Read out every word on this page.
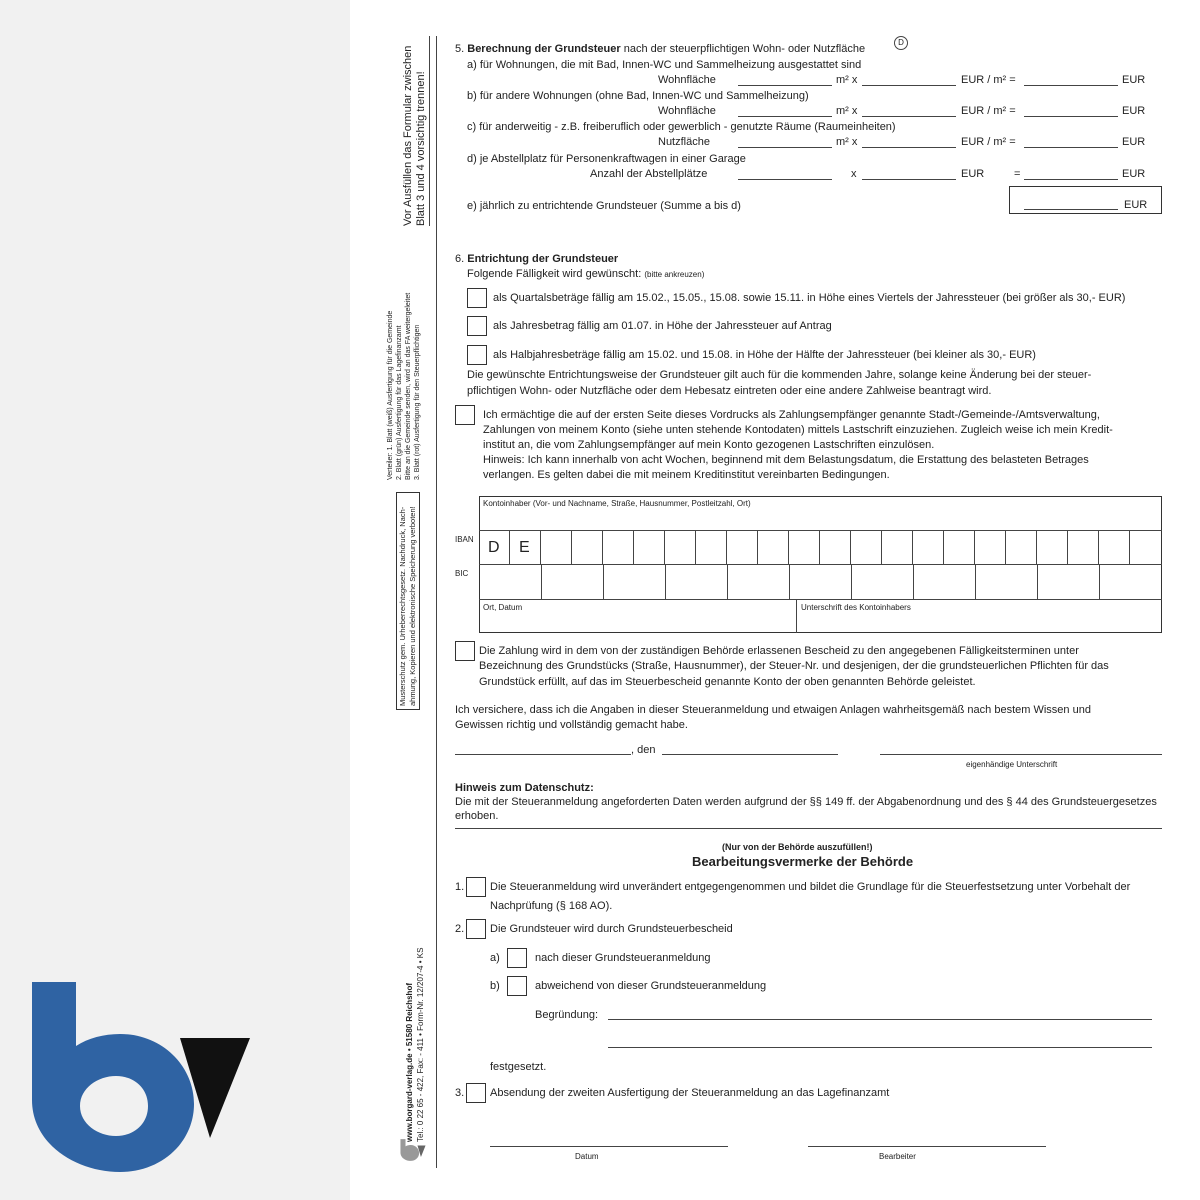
Vor Ausfüllen das Formular zwischen Blatt 3 und 4 vorsichtig trennen!
Verteiler: 1. Blatt (weiß) Ausfertigung für die Gemeinde 2. Blatt (grün) Ausfertigung für das Lagefinanzamt Bitte an die Gemeinde senden, wird an das FA weitergeleitet 3. Blatt (rot) Ausfertigung für den Steuerpflichtigen
Musterschutz gem. Urheberrechtsgesetz. Nachdruck, Nach- ahmung, Kopieren und elektronische Speicherung verboten!
www.borgard-verlag.de • 51580 Reichshof Tel.: 0 22 65 - 422, Fax: - 411 • Form-Nr. 12/207-4 • KS
5. Berechnung der Grundsteuer nach der steuerpflichtigen Wohn- oder Nutzfläche
D
a) für Wohnungen, die mit Bad, Innen-WC und Sammelheizung ausgestattet sind
Wohnfläche	m² x	EUR / m² =	EUR
b) für andere Wohnungen (ohne Bad, Innen-WC und Sammelheizung)
Wohnfläche	m² x	EUR / m² =	EUR
c) für anderweitig - z.B. freiberuflich oder gewerblich - genutzte Räume (Raumeinheiten)
Nutzfläche	m² x	EUR / m² =	EUR
d) je Abstellplatz für Personenkraftwagen in einer Garage
Anzahl der Abstellplätze	x	EUR	=	EUR
e) jährlich zu entrichtende Grundsteuer (Summe a bis d)	EUR
6. Entrichtung der Grundsteuer
Folgende Fälligkeit wird gewünscht: (bitte ankreuzen)
als Quartalsbeträge fällig am 15.02., 15.05., 15.08. sowie 15.11. in Höhe eines Viertels der Jahressteuer (bei größer als 30,- EUR)
als Jahresbetrag fällig am 01.07. in Höhe der Jahressteuer auf Antrag
als Halbjahresbeträge fällig am 15.02. und 15.08. in Höhe der Hälfte der Jahressteuer (bei kleiner als 30,- EUR)
Die gewünschte Entrichtungsweise der Grundsteuer gilt auch für die kommenden Jahre, solange keine Änderung bei der steuer-
pflichtigen Wohn- oder Nutzfläche oder dem Hebesatz eintreten oder eine andere Zahlweise beantragt wird.
Ich ermächtige die auf der ersten Seite dieses Vordrucks als Zahlungsempfänger genannte Stadt-/Gemeinde-/Amtsverwaltung,
Zahlungen von meinem Konto (siehe unten stehende Kontodaten) mittels Lastschrift einzuziehen. Zugleich weise ich mein Kredit-
institut an, die vom Zahlungsempfänger auf mein Konto gezogenen Lastschriften einzulösen.
Hinweis: Ich kann innerhalb von acht Wochen, beginnend mit dem Belastungsdatum, die Erstattung des belasteten Betrages
verlangen. Es gelten dabei die mit meinem Kreditinstitut vereinbarten Bedingungen.
Kontoinhaber (Vor- und Nachname, Straße, Hausnummer, Postleitzahl, Ort)
IBAN D E
BIC
Ort, Datum	Unterschrift des Kontoinhabers
Die Zahlung wird in dem von der zuständigen Behörde erlassenen Bescheid zu den angegebenen Fälligkeitsterminen unter
Bezeichnung des Grundstücks (Straße, Hausnummer), der Steuer-Nr. und desjenigen, der die grundsteuerlichen Pflichten für das
Grundstück erfüllt, auf das im Steuerbescheid genannte Konto der oben genannten Behörde geleistet.
Ich versichere, dass ich die Angaben in dieser Steueranmeldung und etwaigen Anlagen wahrheitsgemäß nach bestem Wissen und
Gewissen richtig und vollständig gemacht habe.
, den
eigenhändige Unterschrift
Hinweis zum Datenschutz:
Die mit der Steueranmeldung angeforderten Daten werden aufgrund der §§ 149 ff. der Abgabenordnung und des § 44 des Grundsteuergesetzes
erhoben.
(Nur von der Behörde auszufüllen!)
Bearbeitungsvermerke der Behörde
1. Die Steueranmeldung wird unverändert entgegengenommen und bildet die Grundlage für die Steuerfestsetzung unter Vorbehalt der
Nachprüfung (§ 168 AO).
2. Die Grundsteuer wird durch Grundsteuerbescheid
a)	nach dieser Grundsteueranmeldung
b)	abweichend von dieser Grundsteueranmeldung
Begründung:
festgesetzt.
3. Absendung der zweiten Ausfertigung der Steueranmeldung an das Lagefinanzamt
Datum	Bearbeiter
